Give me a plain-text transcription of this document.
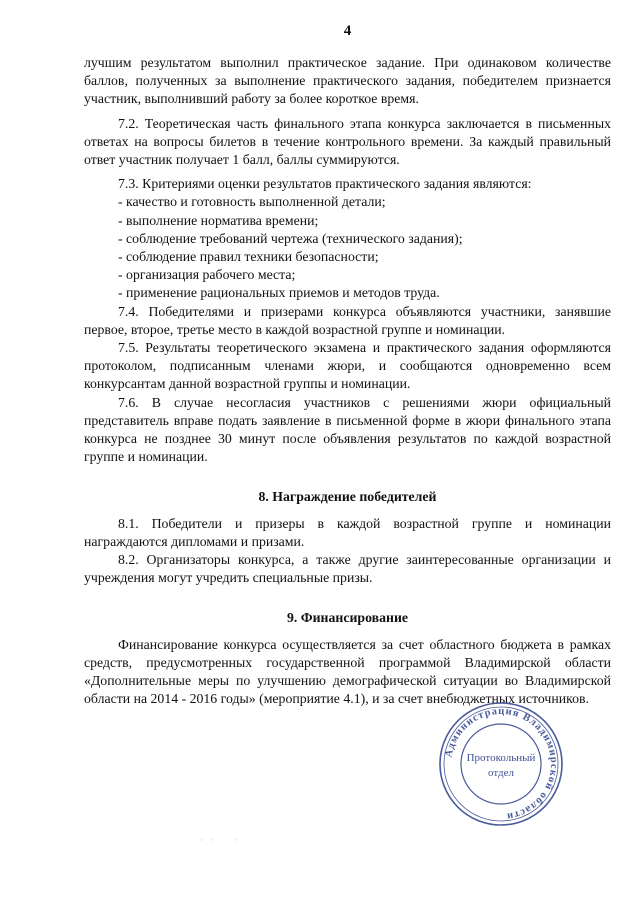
4

лучшим результатом выполнил практическое задание. При одинаковом количестве баллов, полученных за выполнение практического задания, победителем признается участник, выполнивший работу за более короткое время.

7.2. Теоретическая часть финального этапа конкурса заключается в письменных ответах на вопросы билетов в течение контрольного времени. За каждый правильный ответ участник получает 1 балл, баллы суммируются.

7.3. Критериями оценки результатов практического задания являются:

- качество и готовность выполненной детали;

- выполнение норматива времени;

- соблюдение требований чертежа (технического задания);

- соблюдение правил техники безопасности;

- организация рабочего места;

- применение рациональных приемов и методов труда.

7.4. Победителями и призерами конкурса объявляются участники, занявшие первое, второе, третье место в каждой возрастной группе и номинации.

7.5. Результаты теоретического экзамена и практического задания оформляются протоколом, подписанным членами жюри, и сообщаются одновременно всем конкурсантам данной возрастной группы и номинации.

7.6. В случае несогласия участников с решениями жюри официальный представитель вправе подать заявление в письменной форме в жюри финального этапа конкурса не позднее 30 минут после объявления результатов по каждой возрастной группе и номинации.

8. Награждение победителей

8.1. Победители и призеры в каждой возрастной группе и номинации награждаются дипломами и призами.

8.2. Организаторы конкурса, а также другие заинтересованные организации и учреждения могут учредить специальные призы.

9. Финансирование

Финансирование конкурса осуществляется за счет областного бюджета в рамках средств, предусмотренных государственной программой Владимирской области «Дополнительные меры по улучшению демографической ситуации во Владимирской области на 2014 - 2016 годы» (мероприятие 4.1), и за счет внебюджетных источников.

Администрация Владимирской области
Протокольный
отдел
· · · ·
